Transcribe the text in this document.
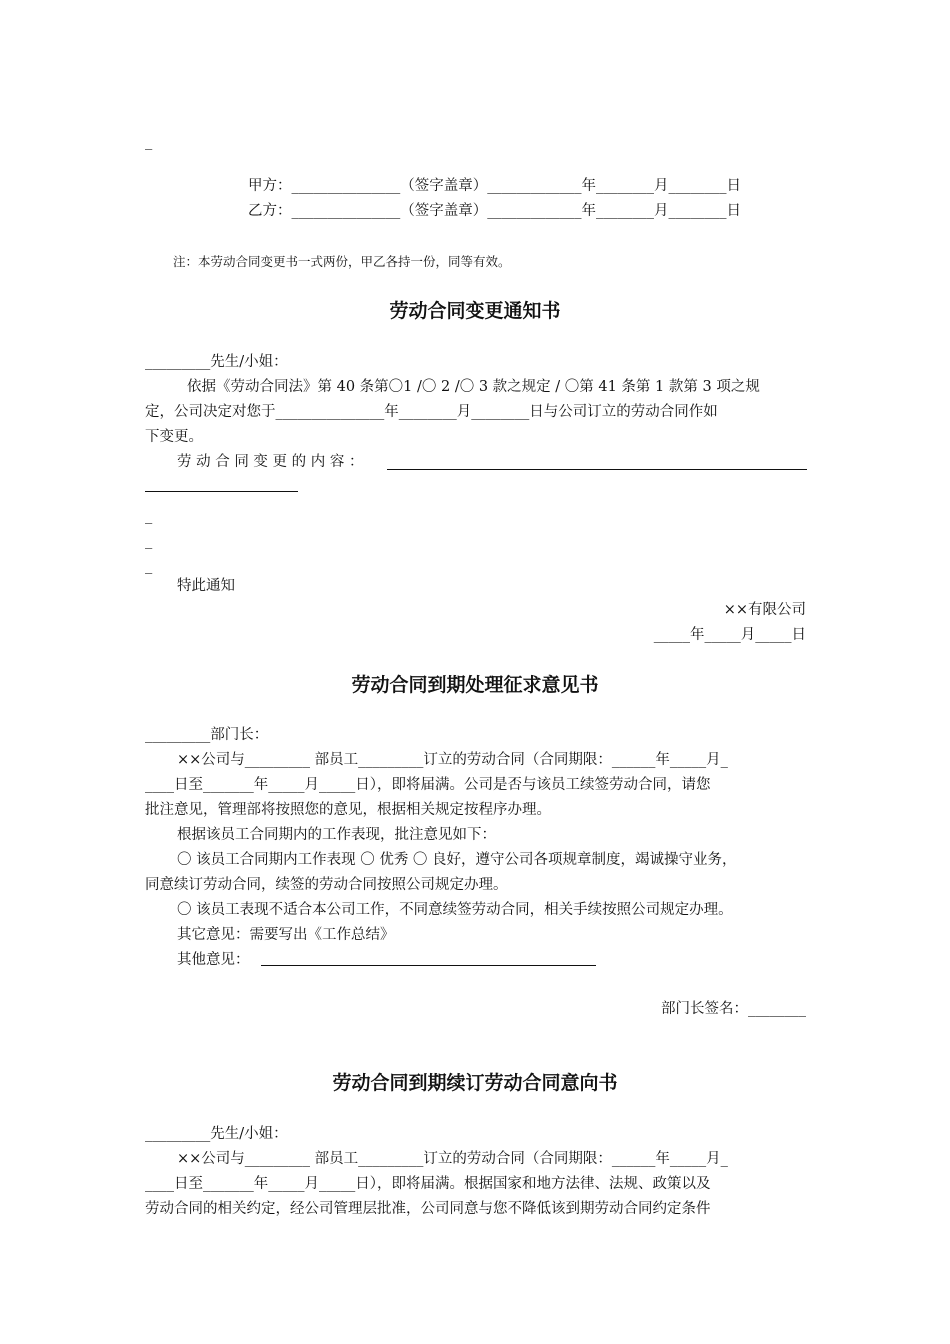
_
甲方：_______________（签字盖章）_____________年________月________日
乙方：_______________（签字盖章）_____________年________月________日
注：本劳动合同变更书一式两份，甲乙各持一份，同等有效。
劳动合同变更通知书
_________先生/小姐：
依据《劳动合同法》第 40 条第〇1 /〇 2 /〇 3 款之规定 / 〇第 41 条第 1 款第 3 项之规
定，公司决定对您于_______________年________月________日与公司订立的劳动合同作如
下变更。
劳 动 合 同 变 更 的 内 容 ：
_
_
_
特此通知
××有限公司
_____年_____月_____日
劳动合同到期处理征求意见书
_________部门长：
××公司与_________ 部员工_________订立的劳动合同（合同期限：______年_____月_
____日至_______年_____月_____日），即将届满。公司是否与该员工续签劳动合同，请您
批注意见，管理部将按照您的意见，根据相关规定按程序办理。
根据该员工合同期内的工作表现，批注意见如下：
〇 该员工合同期内工作表现 〇 优秀 〇 良好，遵守公司各项规章制度，竭诚操守业务，
同意续订劳动合同，续签的劳动合同按照公司规定办理。
〇 该员工表现不适合本公司工作，不同意续签劳动合同，相关手续按照公司规定办理。
其它意见：需要写出《工作总结》
其他意见：
部门长签名：________
劳动合同到期续订劳动合同意向书
_________先生/小姐：
××公司与_________ 部员工_________订立的劳动合同（合同期限：______年_____月_
____日至_______年_____月_____日），即将届满。根据国家和地方法律、法规、政策以及
劳动合同的相关约定，经公司管理层批准，公司同意与您不降低该到期劳动合同约定条件
